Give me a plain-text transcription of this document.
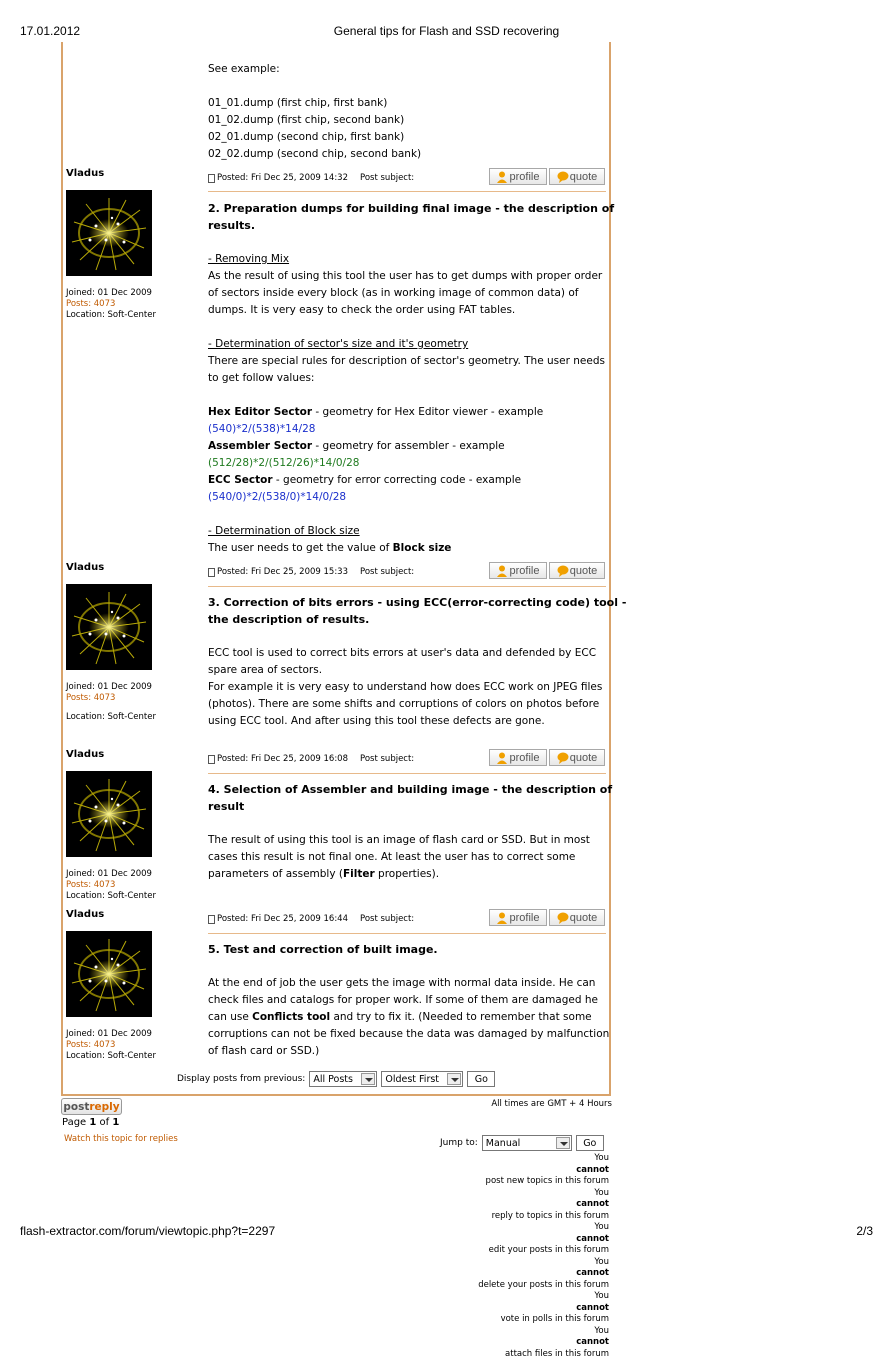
17.01.2012	General tips for Flash and SSD recovering
See example:
01_01.dump (first chip, first bank)
01_02.dump (first chip, second bank)
02_01.dump (second chip, first bank)
02_02.dump (second chip, second bank)
Vladus
Joined: 01 Dec 2009
Posts: 4073
Location: Soft-Center
Posted: Fri Dec 25, 2009 14:32 Post subject:	profile	quote
2. Preparation dumps for building final image - the description of
results.
- Removing Mix
As the result of using this tool the user has to get dumps with proper order
of sectors inside every block (as in working image of common data) of
dumps. It is very easy to check the order using FAT tables.
- Determination of sector's size and it's geometry
There are special rules for description of sector's geometry. The user needs
to get follow values:
Hex Editor Sector - geometry for Hex Editor viewer - example
(540)*2/(538)*14/28
Assembler Sector - geometry for assembler - example
(512/28)*2/(512/26)*14/0/28
ECC Sector - geometry for error correcting code - example
(540/0)*2/(538/0)*14/0/28
- Determination of Block size
The user needs to get the value of Block size
Vladus
Joined: 01 Dec 2009
Posts: 4073
Location: Soft-Center
Posted: Fri Dec 25, 2009 15:33 Post subject:	profile	quote
3. Correction of bits errors - using ECC(error-correcting code) tool -
the description of results.
ECC tool is used to correct bits errors at user's data and defended by ECC
spare area of sectors.
For example it is very easy to understand how does ECC work on JPEG files
(photos). There are some shifts and corruptions of colors on photos before
using ECC tool. And after using this tool these defects are gone.
Vladus
Joined: 01 Dec 2009
Posts: 4073
Location: Soft-Center
Posted: Fri Dec 25, 2009 16:08 Post subject:	profile	quote
4. Selection of Assembler and building image - the description of
result
The result of using this tool is an image of flash card or SSD. But in most
cases this result is not final one. At least the user has to correct some
parameters of assembly (Filter properties).
Vladus
Joined: 01 Dec 2009
Posts: 4073
Location: Soft-Center
Posted: Fri Dec 25, 2009 16:44 Post subject:	profile	quote
5. Test and correction of built image.
At the end of job the user gets the image with normal data inside. He can
check files and catalogs for proper work. If some of them are damaged he
can use Conflicts tool and try to fix it. (Needed to remember that some
corruptions can not be fixed because the data was damaged by malfunction
of flash card or SSD.)
Display posts from previous: All Posts	Oldest First	Go
post reply	All times are GMT + 4 Hours
Page 1 of 1
Watch this topic for replies	Jump to: Manual	Go
You
cannot
post new topics in this forum
You
cannot
reply to topics in this forum
You
cannot
edit your posts in this forum
You
cannot
delete your posts in this forum
You
cannot
vote in polls in this forum
You
cannot
attach files in this forum
flash-extractor.com/forum/viewtopic.php?t=2297	2/3
